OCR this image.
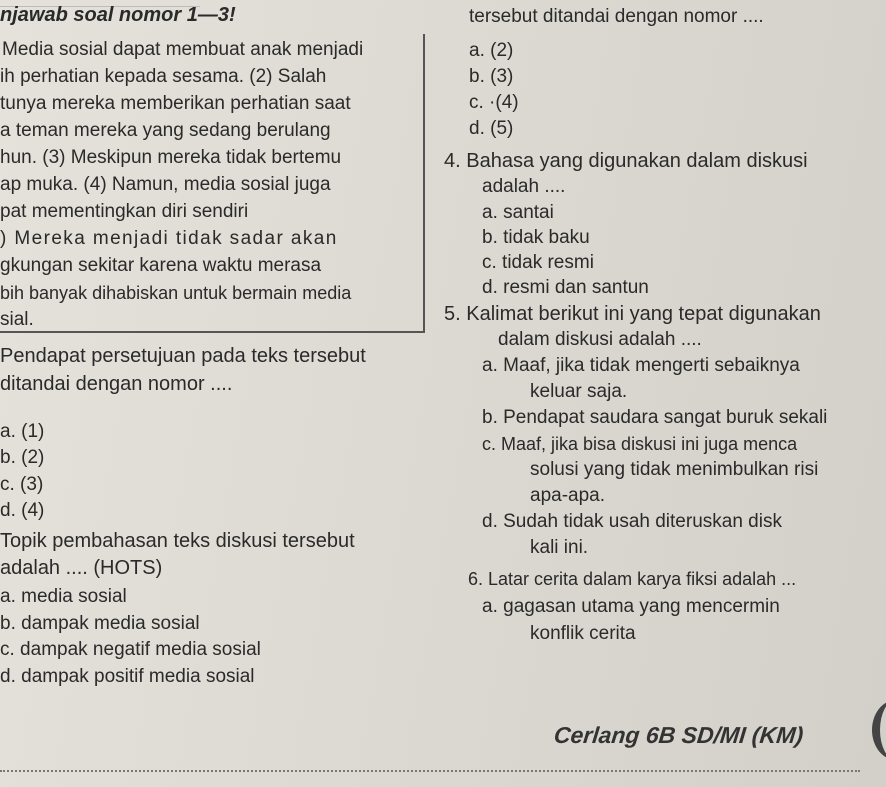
njawab soal nomor 1—3!	tersebut ditandai dengan nomor ....
Media sosial dapat membuat anak menjadi
ih perhatian kepada sesama. (2) Salah
tunya mereka memberikan perhatian saat
a teman mereka yang sedang berulang
hun. (3) Meskipun mereka tidak bertemu
ap muka. (4) Namun, media sosial juga
pat mementingkan diri sendiri
) Mereka menjadi tidak sadar akan
gkungan sekitar karena waktu merasa
bih banyak dihabiskan untuk bermain media
sial.
a. (2)
b. (3)
c. ·(4)
d. (5)
4. Bahasa yang digunakan dalam diskusi
adalah ....
a. santai
b. tidak baku
c. tidak resmi
d. resmi dan santun
5. Kalimat berikut ini yang tepat digunakan
dalam diskusi adalah ....
Pendapat persetujuan pada teks tersebut
ditandai dengan nomor ....
a. (1)
b. (2)
c. (3)
d. (4)
a. Maaf, jika tidak mengerti sebaiknya
keluar saja.
b. Pendapat saudara sangat buruk sekali
c. Maaf, jika bisa diskusi ini juga menca
solusi yang tidak menimbulkan risi
apa-apa.
d. Sudah tidak usah diteruskan disk
kali ini.
Topik pembahasan teks diskusi tersebut
adalah .... (HOTS)
a. media sosial
b. dampak media sosial
c. dampak negatif media sosial
d. dampak positif media sosial
6. Latar cerita dalam karya fiksi adalah ...
a. gagasan utama yang mencermin
konflik cerita
Cerlang 6B SD/MI (KM)
